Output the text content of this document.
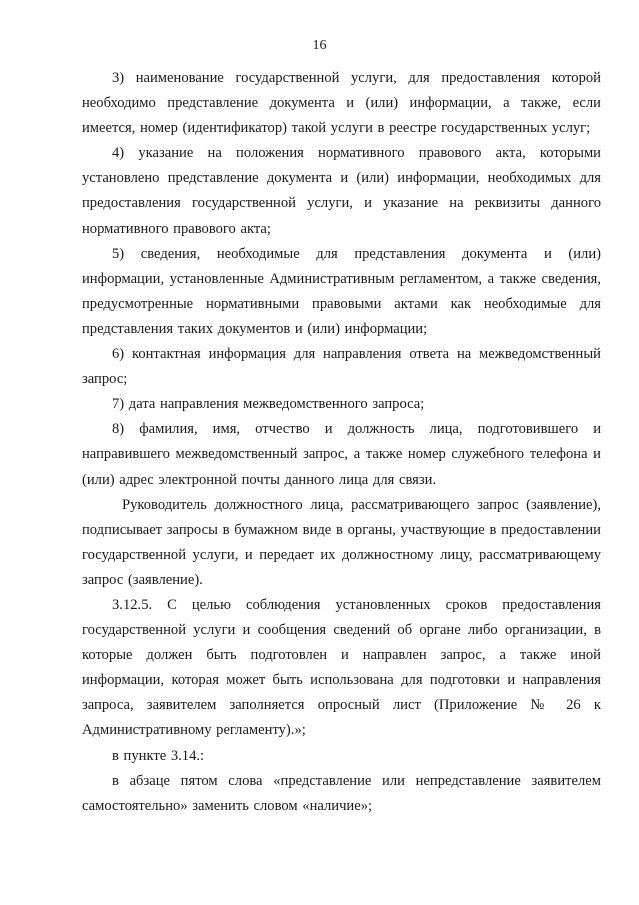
16

3) наименование государственной услуги, для предоставления которой необходимо представление документа и (или) информации, а также, если имеется, номер (идентификатор) такой услуги в реестре государственных услуг;

4) указание на положения нормативного правового акта, которыми установлено представление документа и (или) информации, необходимых для предоставления государственной услуги, и указание на реквизиты данного нормативного правового акта;

5) сведения, необходимые для представления документа и (или) информации, установленные Административным регламентом, а также сведения, предусмотренные нормативными правовыми актами как необходимые для представления таких документов и (или) информации;

6) контактная информация для направления ответа на межведомственный запрос;

7) дата направления межведомственного запроса;

8) фамилия, имя, отчество и должность лица, подготовившего и направившего межведомственный запрос, а также номер служебного телефона и (или) адрес электронной почты данного лица для связи.

Руководитель должностного лица, рассматривающего запрос (заявление), подписывает запросы в бумажном виде в органы, участвующие в предоставлении государственной услуги, и передает их должностному лицу, рассматривающему запрос (заявление).

3.12.5. С целью соблюдения установленных сроков предоставления государственной услуги и сообщения сведений об органе либо организации, в которые должен быть подготовлен и направлен запрос, а также иной информации, которая может быть использована для подготовки и направления запроса, заявителем заполняется опросный лист (Приложение № 26 к Административному регламенту).»;

в пункте 3.14.:

в абзаце пятом слова «представление или непредставление заявителем самостоятельно» заменить словом «наличие»;
